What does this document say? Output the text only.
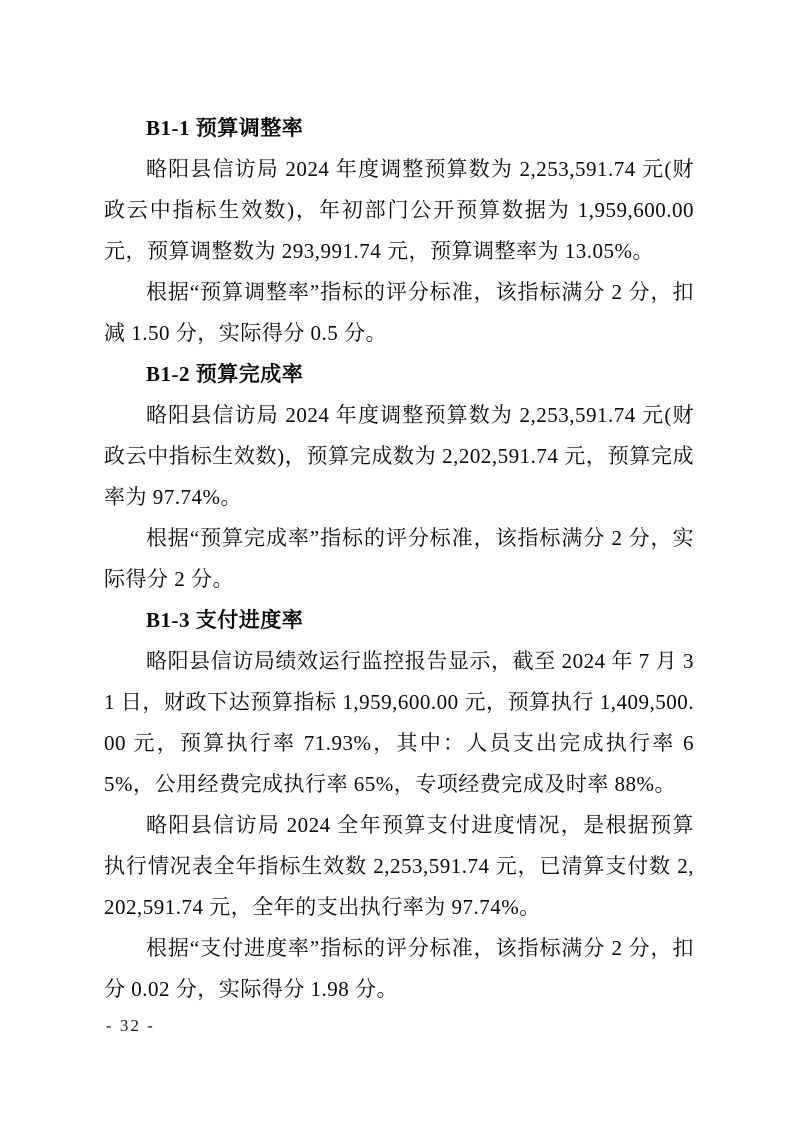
B1-1 预算调整率

略阳县信访局 2024 年度调整预算数为 2,253,591.74 元(财政云中指标生效数)，年初部门公开预算数据为 1,959,600.00 元，预算调整数为 293,991.74 元，预算调整率为 13.05%。

根据“预算调整率”指标的评分标准，该指标满分 2 分，扣减 1.50 分，实际得分 0.5 分。

B1-2 预算完成率

略阳县信访局 2024 年度调整预算数为 2,253,591.74 元(财政云中指标生效数)，预算完成数为 2,202,591.74 元，预算完成率为 97.74%。

根据“预算完成率”指标的评分标准，该指标满分 2 分，实际得分 2 分。

B1-3 支付进度率

略阳县信访局绩效运行监控报告显示，截至 2024 年 7 月 31 日，财政下达预算指标 1,959,600.00 元，预算执行 1,409,500.00 元，预算执行率 71.93%，其中：人员支出完成执行率 65%，公用经费完成执行率 65%，专项经费完成及时率 88%。

略阳县信访局 2024 全年预算支付进度情况，是根据预算执行情况表全年指标生效数 2,253,591.74 元，已清算支付数 2,202,591.74 元，全年的支出执行率为 97.74%。

根据“支付进度率”指标的评分标准，该指标满分 2 分，扣分 0.02 分，实际得分 1.98 分。

- 32 -
